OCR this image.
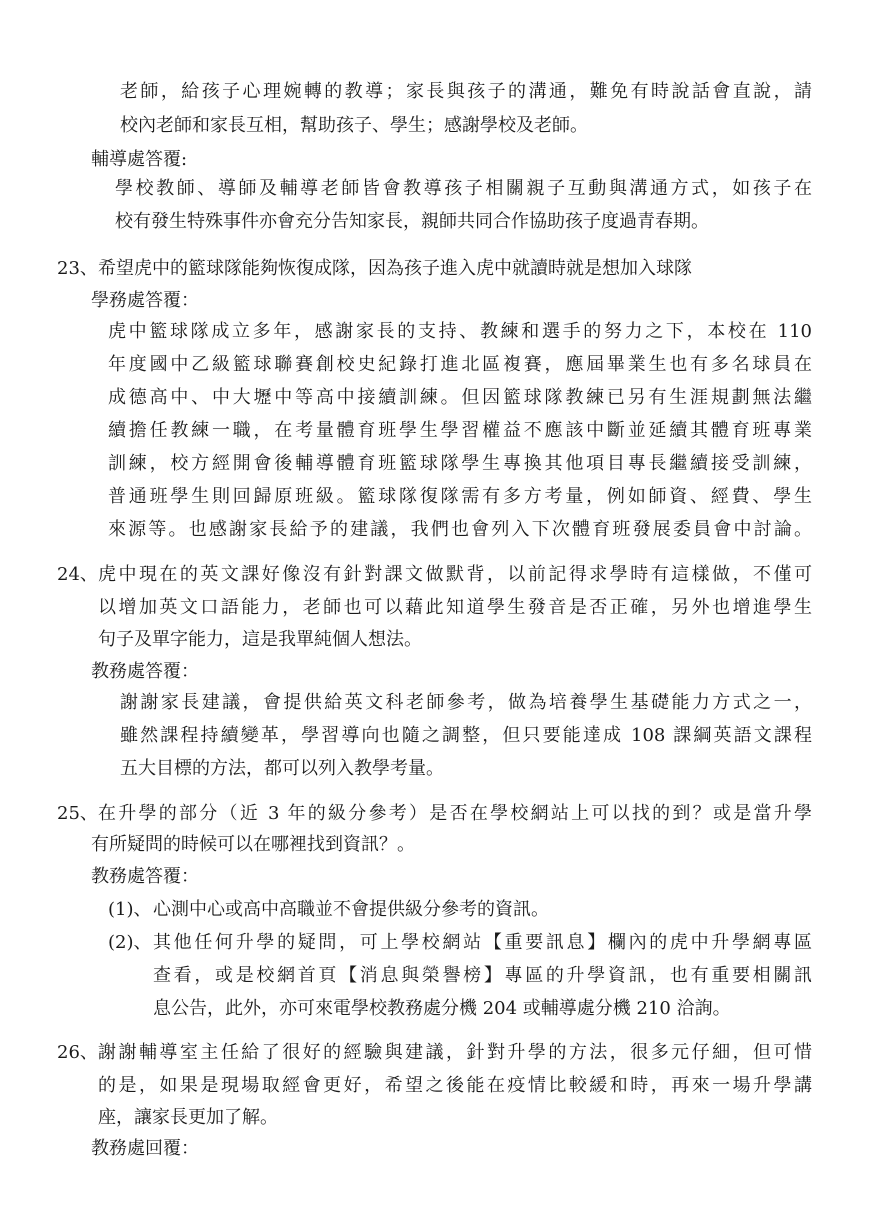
老師，給孩子心理婉轉的教導；家長與孩子的溝通，難免有時說話會直說，請
校內老師和家長互相，幫助孩子、學生；感謝學校及老師。
輔導處答覆:
學校教師、導師及輔導老師皆會教導孩子相關親子互動與溝通方式，如孩子在
校有發生特殊事件亦會充分告知家長，親師共同合作協助孩子度過青春期。
23、 希望虎中的籃球隊能夠恢復成隊，因為孩子進入虎中就讀時就是想加入球隊
學務處答覆：
虎中籃球隊成立多年，感謝家長的支持、教練和選手的努力之下，本校在 110
年度國中乙級籃球聯賽創校史紀錄打進北區複賽，應屆畢業生也有多名球員在
成德高中、中大壢中等高中接續訓練。但因籃球隊教練已另有生涯規劃無法繼
續擔任教練一職，在考量體育班學生學習權益不應該中斷並延續其體育班專業
訓練，校方經開會後輔導體育班籃球隊學生專換其他項目專長繼續接受訓練，
普通班學生則回歸原班級。籃球隊復隊需有多方考量，例如師資、經費、學生
來源等。也感謝家長給予的建議，我們也會列入下次體育班發展委員會中討論。
24、 虎中現在的英文課好像沒有針對課文做默背，以前記得求學時有這樣做，不僅可
以增加英文口語能力，老師也可以藉此知道學生發音是否正確，另外也增進學生
句子及單字能力，這是我單純個人想法。
教務處答覆：
謝謝家長建議，會提供給英文科老師參考，做為培養學生基礎能力方式之一，
雖然課程持續變革，學習導向也隨之調整，但只要能達成 108 課綱英語文課程
五大目標的方法，都可以列入教學考量。
25、 在升學的部分（近 3 年的級分參考）是否在學校網站上可以找的到？或是當升學
有所疑問的時候可以在哪裡找到資訊？。
教務處答覆：
(1)、 心測中心或高中高職並不會提供級分參考的資訊。
(2)、 其他任何升學的疑問，可上學校網站【重要訊息】欄內的虎中升學網專區
查看，或是校網首頁【消息與榮譽榜】專區的升學資訊，也有重要相關訊
息公告，此外，亦可來電學校教務處分機 204 或輔導處分機 210 洽詢。
26、 謝謝輔導室主任給了很好的經驗與建議，針對升學的方法，很多元仔細，但可惜
的是，如果是現場取經會更好，希望之後能在疫情比較緩和時，再來一場升學講
座，讓家長更加了解。
教務處回覆：
